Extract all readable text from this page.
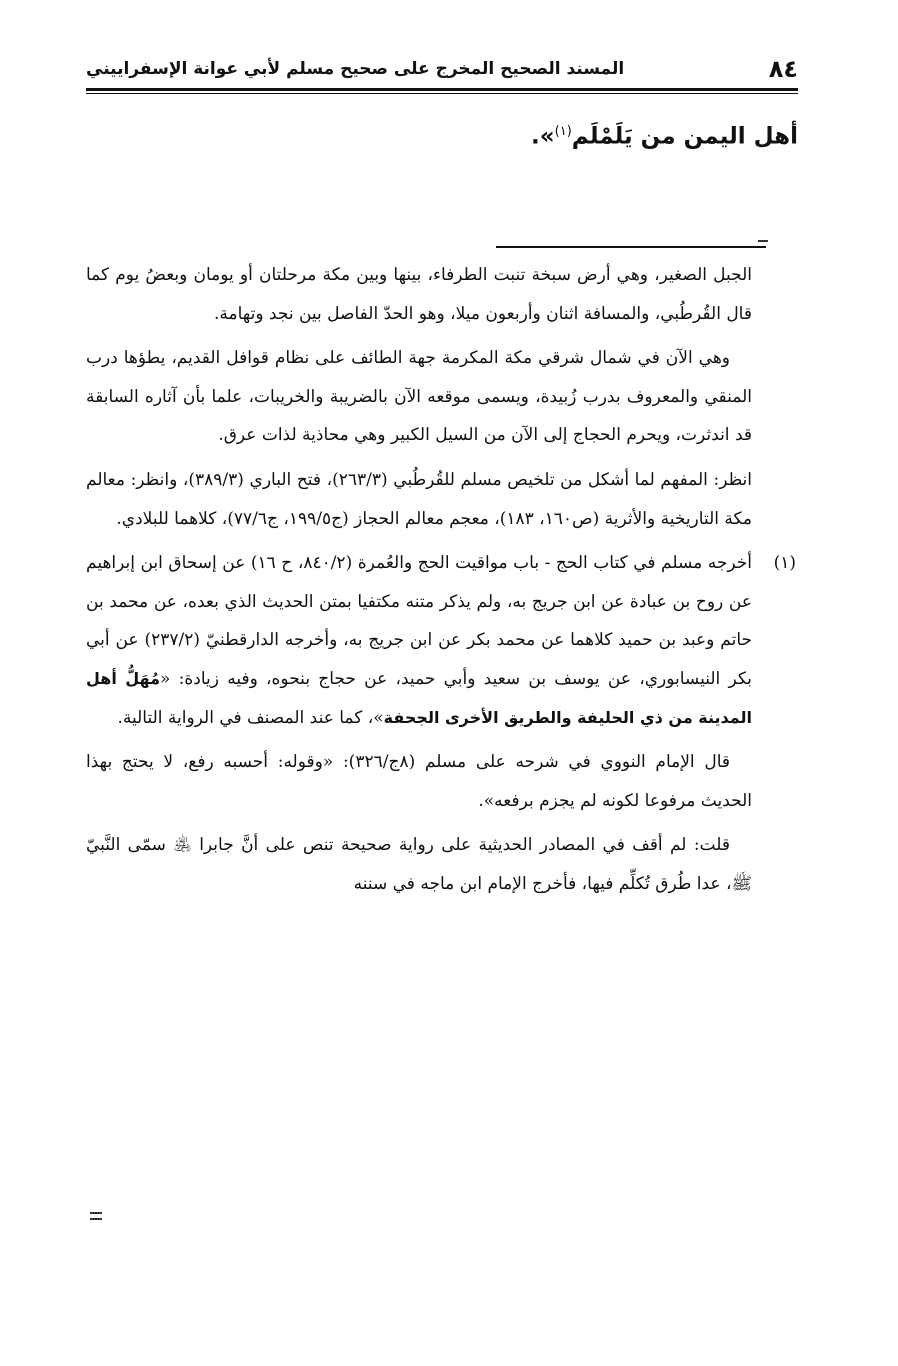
٨٤
المسند الصحيح المخرج على صحيح مسلم لأبي عوانة الإسفراييني
أهل اليمن من يَلَمْلَم$^{(١)}$».

الجبل الصغير، وهي أرض سبخة تنبت الطرفاء، بينها وبين مكة مرحلتان أو يومان وبعضُ يوم كما قال القُرطُبي، والمسافة اثنان وأربعون ميلا، وهو الحدّ الفاصل بين نجد وتهامة.

وهي الآن في شمال شرقي مكة المكرمة جهة الطائف على نظام قوافل القديم، يطؤها درب المنقي والمعروف بدرب زُبيدة، ويسمى موقعه الآن بالضريبة والخريبات، علما بأن آثاره السابقة قد اندثرت، ويحرم الحجاج إلى الآن من السيل الكبير وهي محاذية لذات عرق.

انظر: المفهم لما أشكل من تلخيص مسلم للقُرطُبي (٢٦٣/٣)، فتح الباري (٣٨٩/٣)، وانظر: معالم مكة التاريخية والأثرية (ص١٦٠، ١٨٣)، معجم معالم الحجاز (ج١٩٩/٥، ج٧٧/٦)، كلاهما للبلادي.

(١)
أخرجه مسلم في كتاب الحج - باب مواقيت الحج والعُمرة (٨٤٠/٢، ح ١٦) عن إسحاق ابن إبراهيم عن روح بن عبادة عن ابن جريج به، ولم يذكر متنه مكتفيا بمتن الحديث الذي بعده، عن محمد بن حاتم وعبد بن حميد كلاهما عن محمد بكر عن ابن جريج به، وأخرجه الدارقطنيّ (٢٣٧/٢) عن أبي بكر النيسابوري، عن يوسف بن سعيد وأبي حميد، عن حجاج بنحوه، وفيه زيادة: «مُهَلُّ أهل المدينة من ذي الحليفة والطريق الأخرى الجحفة»، كما عند المصنف في الرواية التالية.

قال الإمام النووي في شرحه على مسلم (٨ج/٣٢٦): «وقوله: أحسبه رفع، لا يحتج بهذا الحديث مرفوعا لكونه لم يجزم برفعه».

قلت: لم أقف في المصادر الحديثية على رواية صحيحة تنص على أنَّ جابرا ﵁ سمّى النَّبيّ ﷺ، عدا طُرق تُكلِّم فيها، فأخرج الإمام ابن ماجه في سننه
